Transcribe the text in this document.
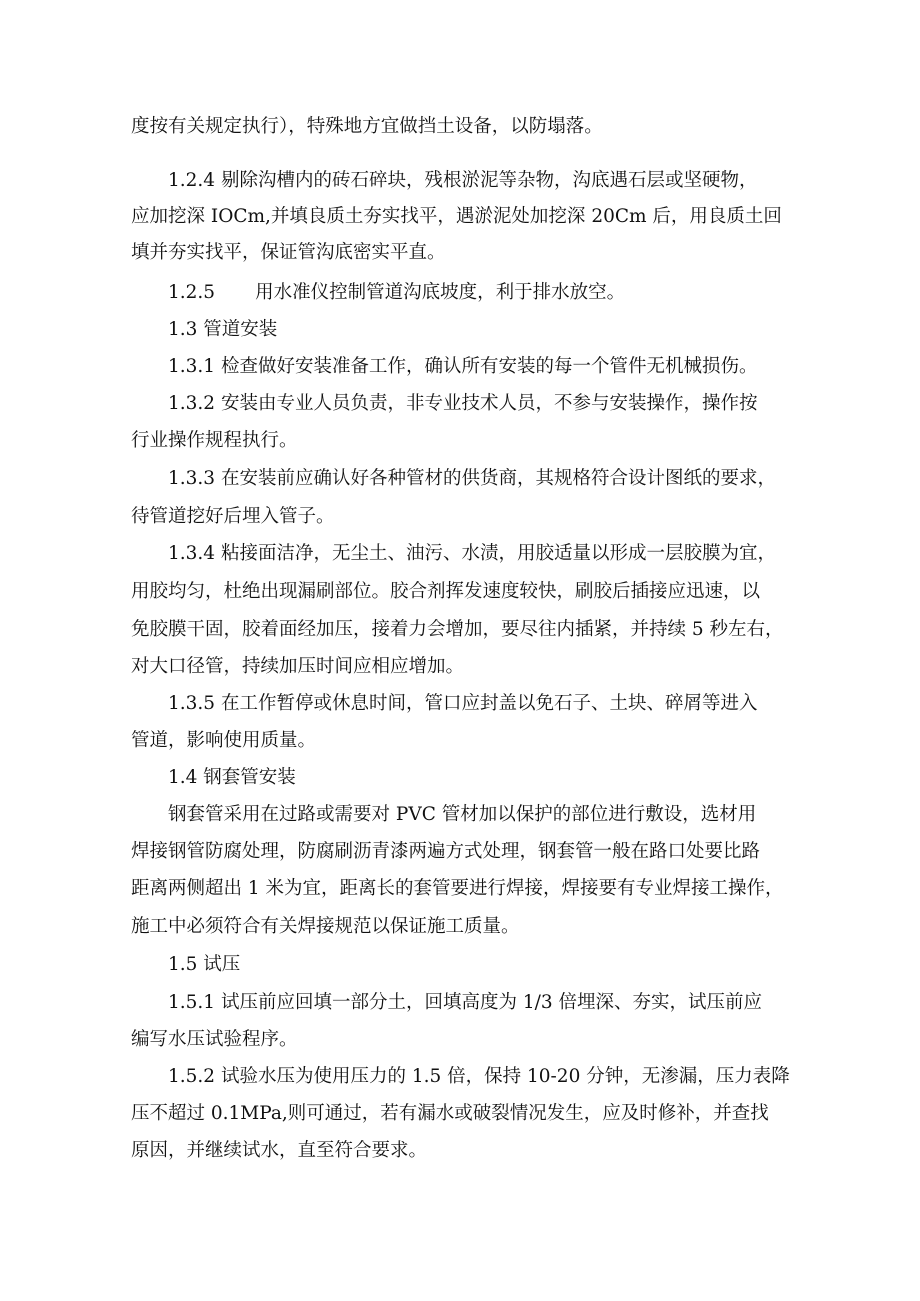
度按有关规定执行），特殊地方宜做挡土设备，以防塌落。
1.2.4 剔除沟槽内的砖石碎块，残根淤泥等杂物，沟底遇石层或坚硬物，
应加挖深 IOCm,并填良质土夯实找平，遇淤泥处加挖深 20Cm 后，用良质土回
填并夯实找平，保证管沟底密实平直。
1.2.5 用水准仪控制管道沟底坡度，利于排水放空。
1.3 管道安装
1.3.1 检查做好安装准备工作，确认所有安装的每一个管件无机械损伤。
1.3.2 安装由专业人员负责，非专业技术人员，不参与安装操作，操作按
行业操作规程执行。
1.3.3 在安装前应确认好各种管材的供货商，其规格符合设计图纸的要求，
待管道挖好后埋入管子。
1.3.4 粘接面洁净，无尘土、油污、水渍，用胶适量以形成一层胶膜为宜，
用胶均匀，杜绝出现漏刷部位。胶合剂挥发速度较快，刷胶后插接应迅速，以
免胶膜干固，胶着面经加压，接着力会增加，要尽往内插紧，并持续 5 秒左右，
对大口径管，持续加压时间应相应增加。
1.3.5 在工作暂停或休息时间，管口应封盖以免石子、土块、碎屑等进入
管道，影响使用质量。
1.4 钢套管安装
钢套管采用在过路或需要对 PVC 管材加以保护的部位进行敷设，选材用
焊接钢管防腐处理，防腐刷沥青漆两遍方式处理，钢套管一般在路口处要比路
距离两侧超出 1 米为宜，距离长的套管要进行焊接，焊接要有专业焊接工操作，
施工中必须符合有关焊接规范以保证施工质量。
1.5 试压
1.5.1 试压前应回填一部分土，回填高度为 1/3 倍埋深、夯实，试压前应
编写水压试验程序。
1.5.2 试验水压为使用压力的 1.5 倍，保持 10-20 分钟，无渗漏，压力表降
压不超过 0.1MPa,则可通过，若有漏水或破裂情况发生，应及时修补，并查找
原因，并继续试水，直至符合要求。
